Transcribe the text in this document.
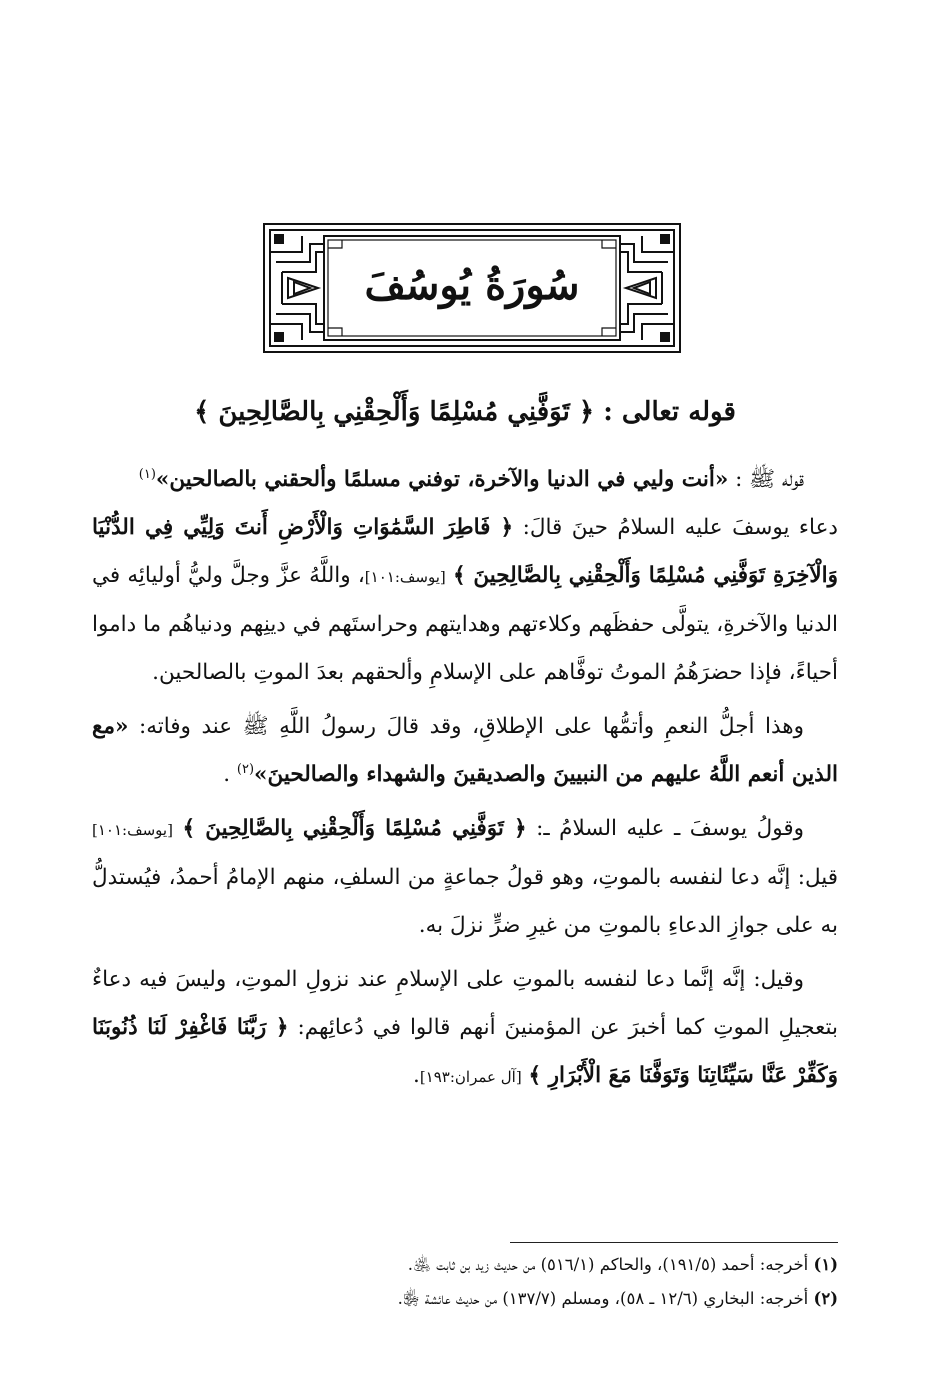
سُورَةُ يُوسُفَ
قوله تعالى : ﴿ تَوَفَّنِي مُسْلِمًا وَأَلْحِقْنِي بِالصَّالِحِينَ ﴾

قوله ﷺ : «أنت وليي في الدنيا والآخرة، توفني مسلمًا وألحقني بالصالحين»$^{(١)}$

دعاء يوسفَ عليه السلامُ حينَ قالَ: ﴿ فَاطِرَ السَّمَٰوَاتِ وَالْأَرْضِ أَنتَ وَلِيِّي فِي الدُّنْيَا وَالْآخِرَةِ تَوَفَّنِي مُسْلِمًا وَأَلْحِقْنِي بِالصَّالِحِينَ ﴾ [يوسف:١٠١]، واللَّهُ عزَّ وجلَّ وليُّ أوليائِه في الدنيا والآخرةِ، يتولَّى حفظَهم وكلاءتهم وهدايتهم وحراستَهم في دينِهم ودنياهُم ما داموا أحياءً، فإذا حضرَهُمُ الموتُ توفَّاهم على الإسلامِ وألحقهم بعدَ الموتِ بالصالحين.

وهذا أجلُّ النعمِ وأتمُّها على الإطلاقِ، وقد قالَ رسولُ اللَّهِ ﷺ عند وفاته: «مع الذين أنعم اللَّهُ عليهم من النبيينَ والصديقينَ والشهداء والصالحينَ»$^{(٢)}$ .

وقولُ يوسفَ ـ عليه السلامُ ـ: ﴿ تَوَفَّنِي مُسْلِمًا وَأَلْحِقْنِي بِالصَّالِحِينَ ﴾ [يوسف:١٠١] قيل: إنَّه دعا لنفسه بالموتِ، وهو قولُ جماعةٍ من السلفِ، منهم الإمامُ أحمدُ، فيُستدلُّ به على جوازِ الدعاءِ بالموتِ من غيرِ ضرٍّ نزلَ به.

وقيل: إنَّه إنَّما دعا لنفسه بالموتِ على الإسلامِ عند نزولِ الموتِ، وليسَ فيه دعاءٌ بتعجيلِ الموتِ كما أخبرَ عن المؤمنينَ أنهم قالوا في دُعائِهم: ﴿ رَبَّنَا فَاغْفِرْ لَنَا ذُنُوبَنَا وَكَفِّرْ عَنَّا سَيِّئَاتِنَا وَتَوَفَّنَا مَعَ الْأَبْرَارِ ﴾ [آل عمران:١٩٣].

(١) أخرجه: أحمد (١٩١/٥)، والحاكم (٥١٦/١) من حديث زيد بن ثابت ﵁.

(٢) أخرجه: البخاري (١٢/٦ ـ ٥٨)، ومسلم (١٣٧/٧) من حديث عائشة ﵂.
